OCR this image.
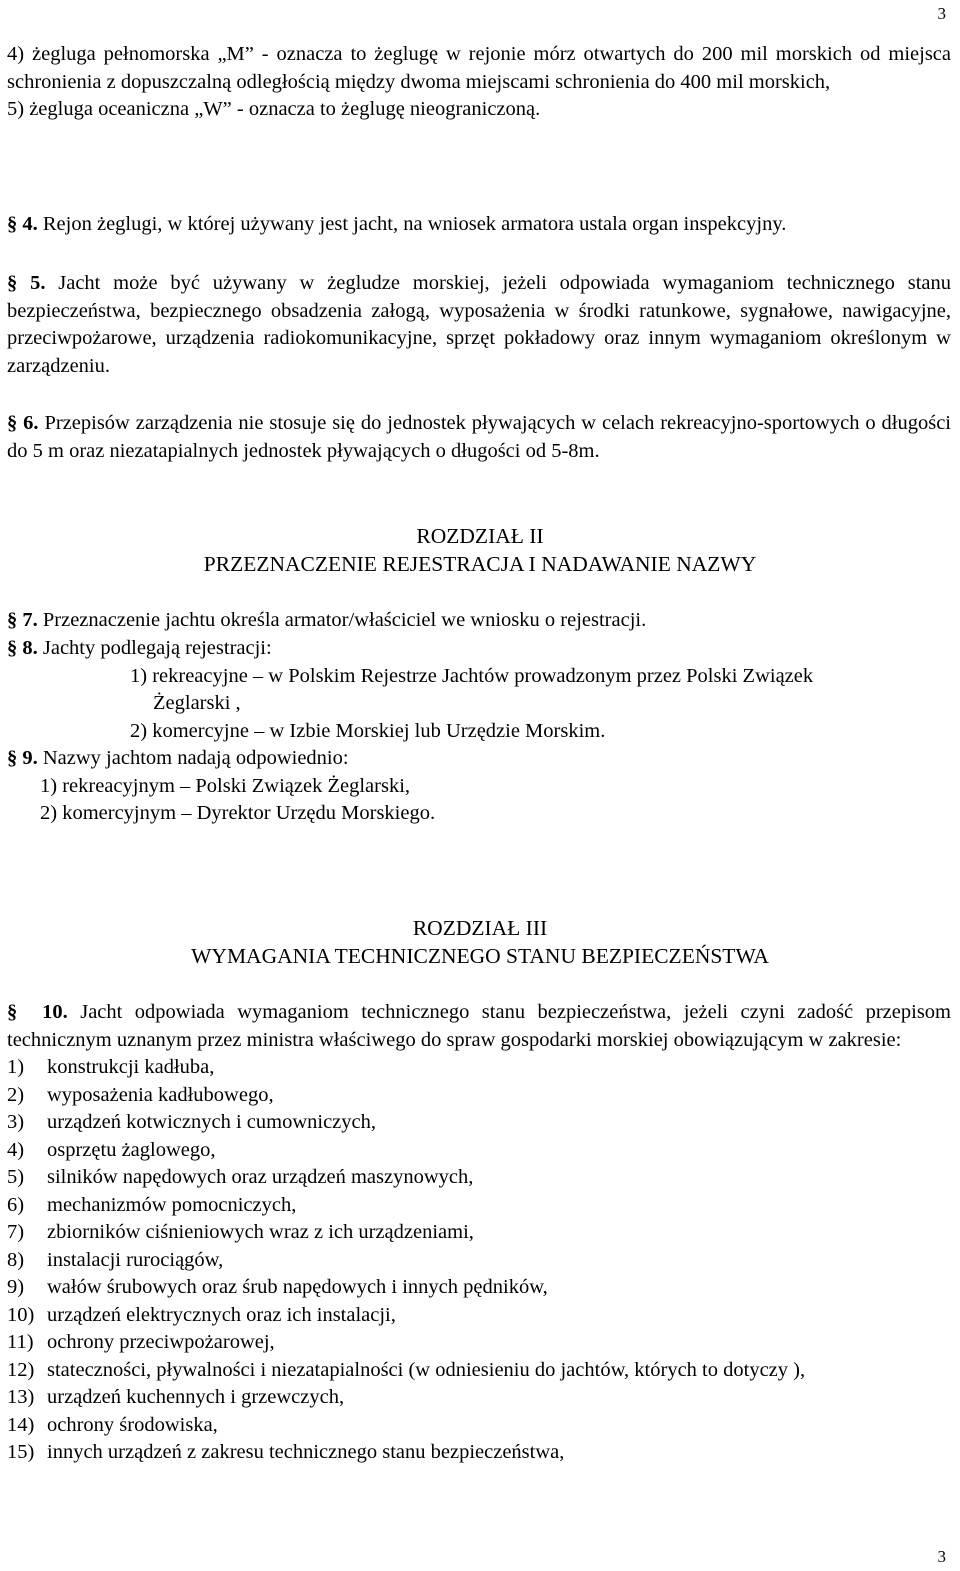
3

4) żegluga pełnomorska „M” - oznacza to żeglugę w rejonie mórz otwartych do 200 mil morskich od miejsca schronienia z dopuszczalną odległością między dwoma miejscami schronienia do 400 mil morskich,

5) żegluga oceaniczna „W” - oznacza to żeglugę nieograniczoną.

§ 4. Rejon żeglugi, w której używany jest jacht, na wniosek armatora ustala organ inspekcyjny.

§ 5. Jacht może być używany w żegludze morskiej, jeżeli odpowiada wymaganiom technicznego stanu bezpieczeństwa, bezpiecznego obsadzenia załogą, wyposażenia w środki ratunkowe, sygnałowe, nawigacyjne, przeciwpożarowe, urządzenia radiokomunikacyjne, sprzęt pokładowy oraz innym wymaganiom określonym w zarządzeniu.

§ 6. Przepisów zarządzenia nie stosuje się do jednostek pływających w celach rekreacyjno-sportowych o długości do 5 m oraz niezatapialnych jednostek pływających o długości od 5-8m.

ROZDZIAŁ II
PRZEZNACZENIE REJESTRACJA I NADAWANIE NAZWY

§ 7. Przeznaczenie jachtu określa armator/właściciel we wniosku o rejestracji.

§ 8. Jachty podlegają rejestracji:

1) rekreacyjne – w Polskim Rejestrze Jachtów prowadzonym przez Polski Związek

Żeglarski ,

2) komercyjne – w Izbie Morskiej lub Urzędzie Morskim.

§ 9. Nazwy jachtom nadają odpowiednio:

1) rekreacyjnym – Polski Związek Żeglarski,

2) komercyjnym – Dyrektor Urzędu Morskiego.

ROZDZIAŁ III
WYMAGANIA TECHNICZNEGO STANU BEZPIECZEŃSTWA

§ 10. Jacht odpowiada wymaganiom technicznego stanu bezpieczeństwa, jeżeli czyni zadość przepisom technicznym uznanym przez ministra właściwego do spraw gospodarki morskiej obowiązującym w zakresie:

1) konstrukcji kadłuba,
2) wyposażenia kadłubowego,
3) urządzeń kotwicznych i cumowniczych,
4) osprzętu żaglowego,
5) silników napędowych oraz urządzeń maszynowych,
6) mechanizmów pomocniczych,
7) zbiorników ciśnieniowych wraz z ich urządzeniami,
8) instalacji rurociągów,
9) wałów śrubowych oraz śrub napędowych i innych pędników,
10) urządzeń elektrycznych oraz ich instalacji,
11) ochrony przeciwpożarowej,
12) stateczności, pływalności i niezatapialności (w odniesieniu do jachtów, których to dotyczy ),
13) urządzeń kuchennych i grzewczych,
14) ochrony środowiska,
15) innych urządzeń z zakresu technicznego stanu bezpieczeństwa,
3
